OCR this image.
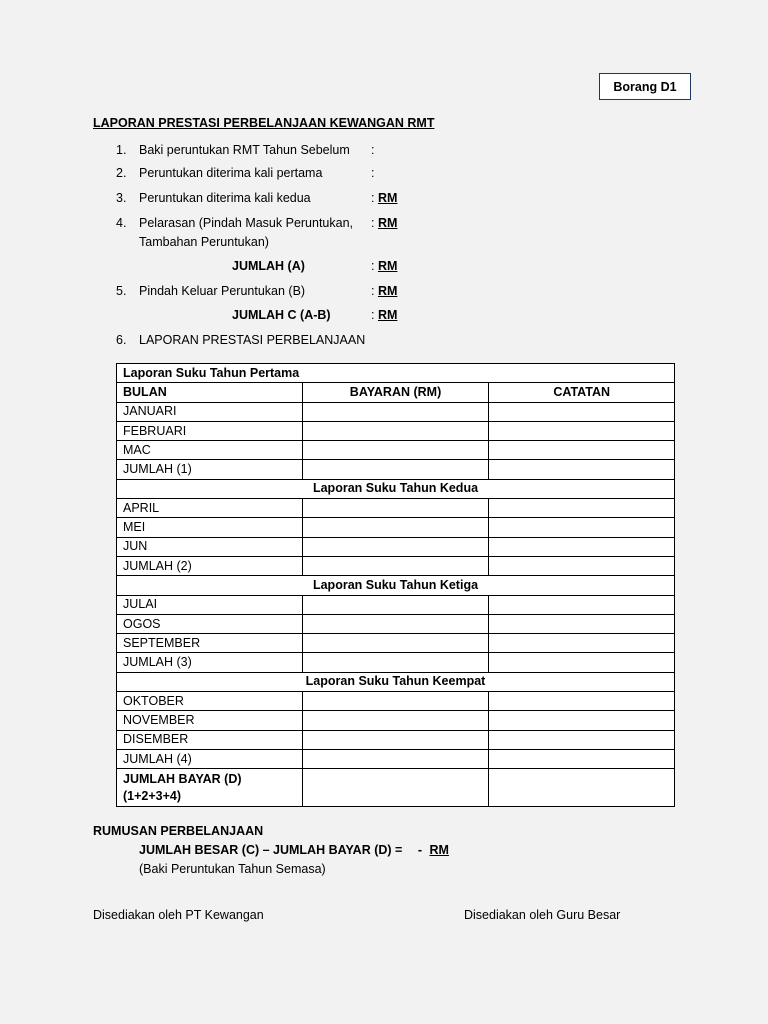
Borang D1
LAPORAN PRESTASI PERBELANJAAN KEWANGAN RMT
1. Baki peruntukan RMT Tahun Sebelum :
2. Peruntukan diterima kali pertama	:
3. Peruntukan diterima kali kedua	: RM
4. Pelarasan (Pindah Masuk Peruntukan, : RM
Tambahan Peruntukan)
JUMLAH (A)	: RM
5. Pindah Keluar Peruntukan (B)	: RM
JUMLAH C (A-B)	: RM
6. LAPORAN PRESTASI PERBELANJAAN
Laporan Suku Tahun Pertama		
BULAN	BAYARAN (RM)	CATATAN
JANUARI		
FEBRUARI		
MAC		
JUMLAH (1)		
Laporan Suku Tahun Kedua		
APRIL		
MEI		
JUN		
JUMLAH (2)		
Laporan Suku Tahun Ketiga		
JULAI		
OGOS		
SEPTEMBER		
JUMLAH (3)		
Laporan Suku Tahun Keempat		
OKTOBER		
NOVEMBER		
DISEMBER		
JUMLAH (4)		

JUMLAH BAYAR (D)
(1+2+3+4)		

RUMUSAN PERBELANJAAN
JUMLAH BESAR (C) – JUMLAH BAYAR (D) = - RM
(Baki Peruntukan Tahun Semasa)
Disediakan oleh PT Kewangan	Disediakan oleh Guru Besar
